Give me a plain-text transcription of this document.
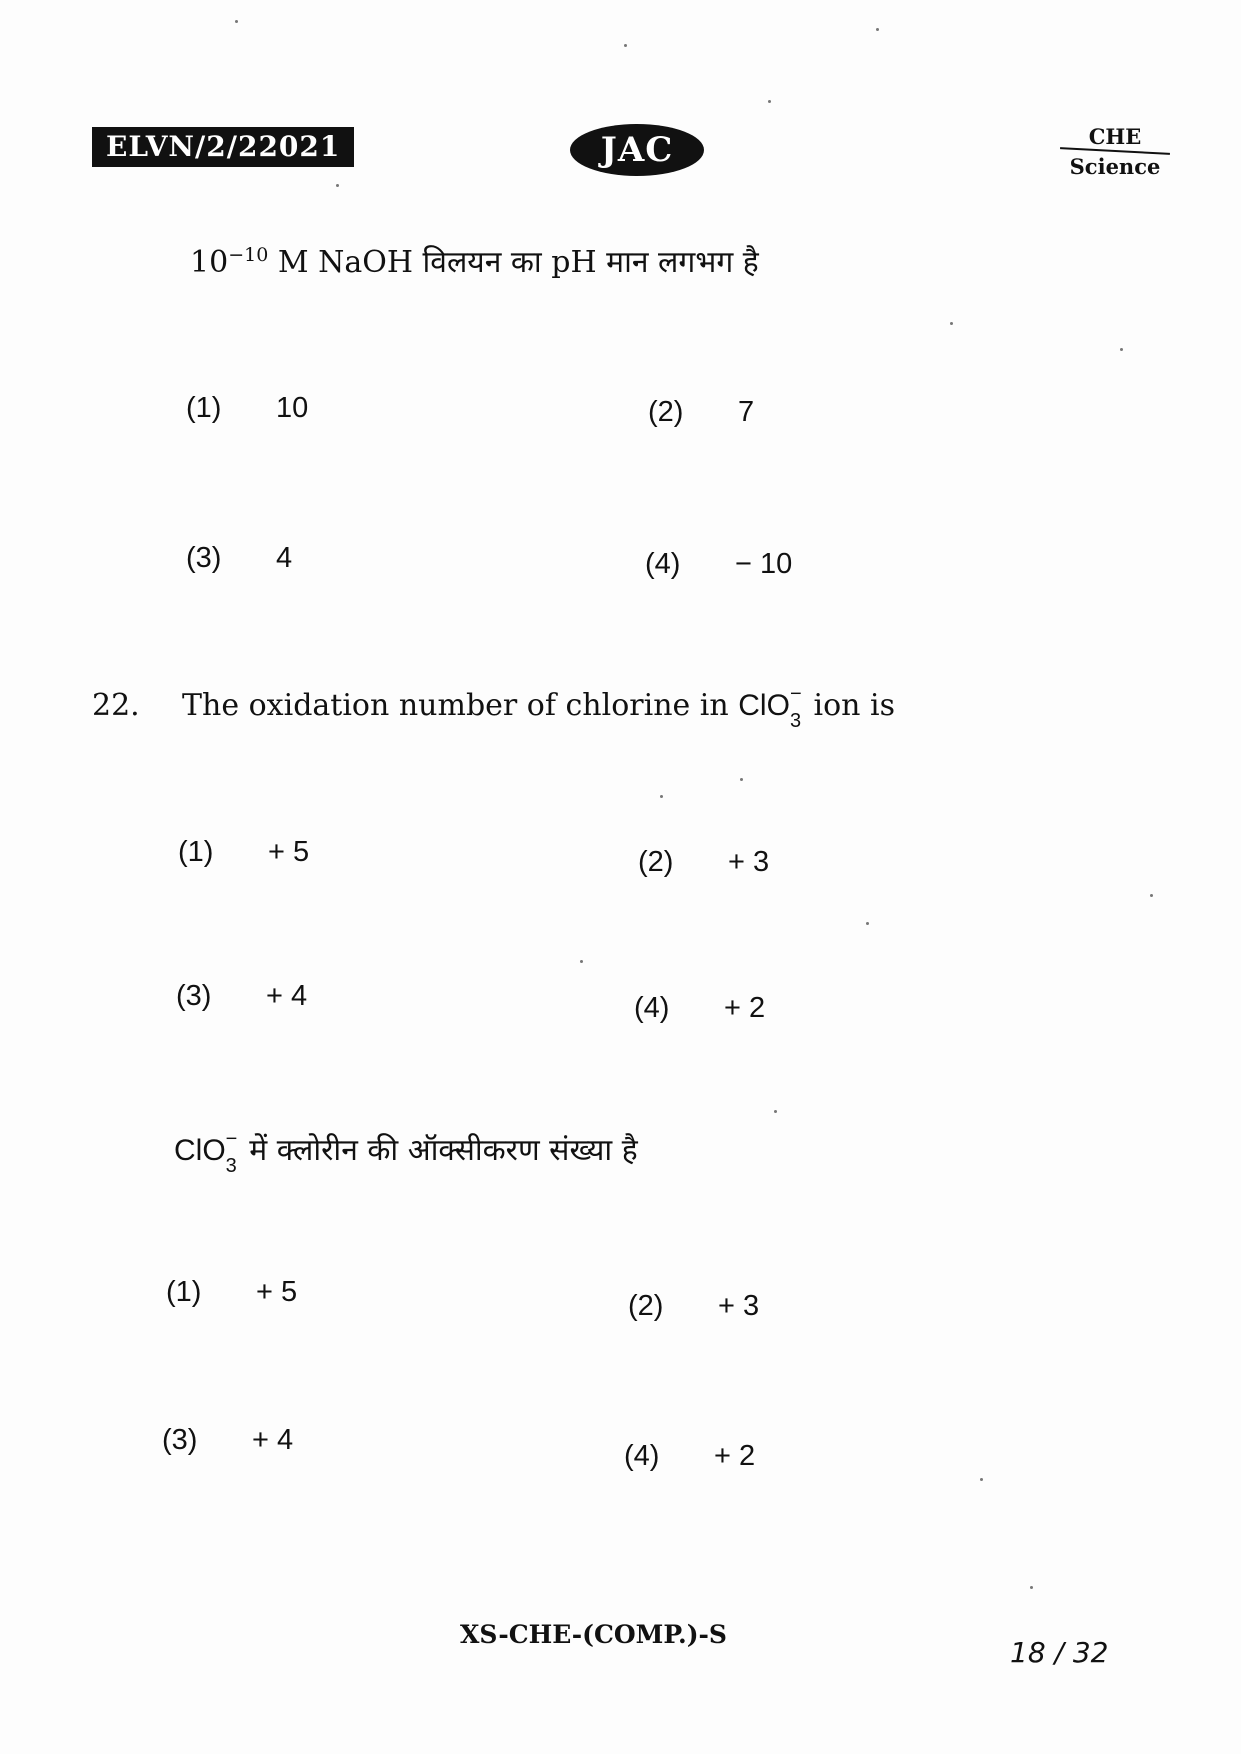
ELVN/2/22021	JAC	CHE
Science
$10^{-10}$ M NaOH विलयन का pH मान लगभग है
(1) 10	(2) 7
(3) 4	(4) − 10
22. The oxidation number of chlorine in ClO −
3 ion is
(1) + 5	(2) + 3
(3) + 4	(4) + 2
ClO −
3 में क्लोरीन की ऑक्सीकरण संख्या है
(1) + 5	(2) + 3
(3) + 4	(4) + 2
XS-CHE-(COMP.)-S
18 / 32
